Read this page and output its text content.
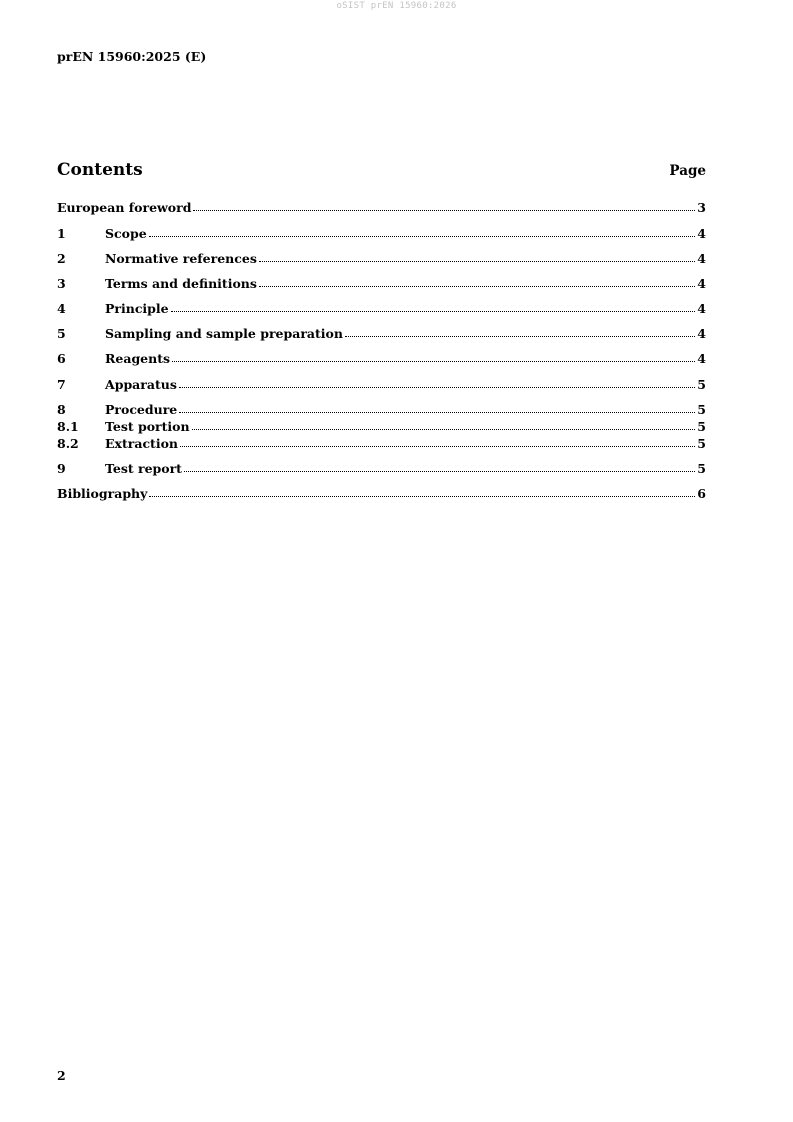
oSIST prEN 15960:2026
prEN 15960:2025 (E)
Contents	Page
European foreword	3
1	Scope	4
2	Normative references	4
3	Terms and definitions	4
4	Principle	4
5	Sampling and sample preparation	4
6	Reagents	4
7	Apparatus	5
8	Procedure	5
8.1	Test portion	5
8.2	Extraction	5
9	Test report	5
Bibliography	6
2
